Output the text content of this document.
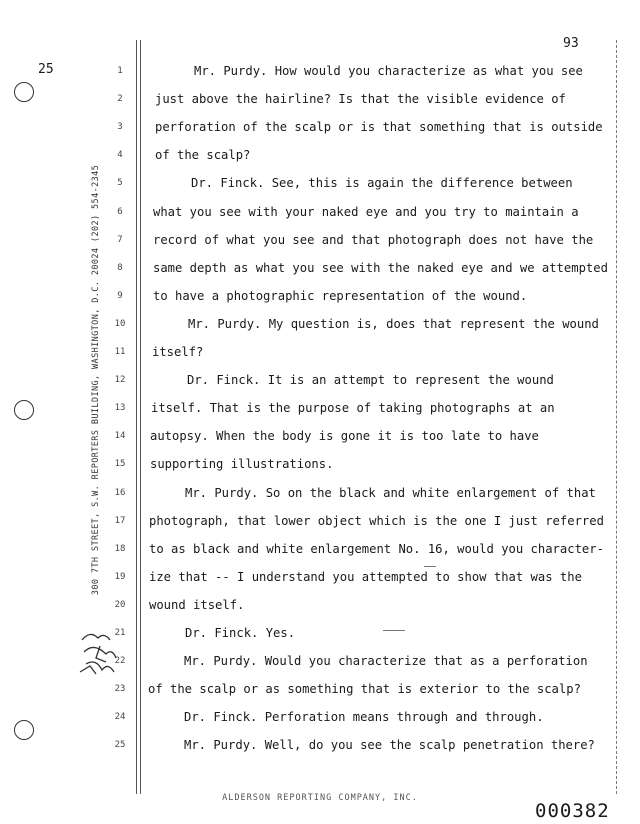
93
25
300 7TH STREET, S.W. REPORTERS BUILDING, WASHINGTON, D.C. 20024 (202) 554-2345
1
2
3
4
5
6
7
8
9
10
11
12
13
14
15
16
17
18
19
20
21
22
23
24
25
Mr. Purdy. How would you characterize as what you see
just above the hairline? Is that the visible evidence of
perforation of the scalp or is that something that is outside
of the scalp?
Dr. Finck. See, this is again the difference between
what you see with your naked eye and you try to maintain a
record of what you see and that photograph does not have the
same depth as what you see with the naked eye and we attempted
to have a photographic representation of the wound.
Mr. Purdy. My question is, does that represent the wound
itself?
Dr. Finck. It is an attempt to represent the wound
itself. That is the purpose of taking photographs at an
autopsy. When the body is gone it is too late to have
supporting illustrations.
Mr. Purdy. So on the black and white enlargement of that
photograph, that lower object which is the one I just referred
to as black and white enlargement No. 16, would you character-
ize that -- I understand you attempted to show that was the
wound itself.
Dr. Finck. Yes.
Mr. Purdy. Would you characterize that as a perforation
of the scalp or as something that is exterior to the scalp?
Dr. Finck. Perforation means through and through.
Mr. Purdy. Well, do you see the scalp penetration there?
ALDERSON REPORTING COMPANY, INC.
000382
